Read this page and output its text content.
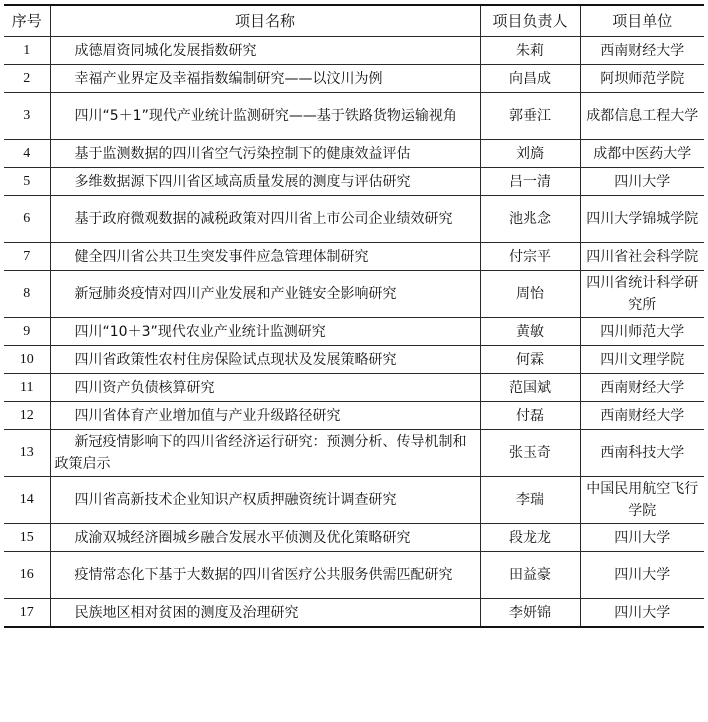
序号	项目名称	项目负责人	项目单位
1	成德眉资同城化发展指数研究	朱莉	西南财经大学
2	幸福产业界定及幸福指数编制研究——以汶川为例	向昌成	阿坝师范学院
3	四川“5＋1”现代产业统计监测研究——基于铁路货物运输视角	郭垂江	成都信息工程大学
4	基于监测数据的四川省空气污染控制下的健康效益评估	刘旖	成都中医药大学
5	多维数据源下四川省区域高质量发展的测度与评估研究	吕一清	四川大学
6	基于政府微观数据的减税政策对四川省上市公司企业绩效研究	池兆念	四川大学锦城学院
7	健全四川省公共卫生突发事件应急管理体制研究	付宗平	四川省社会科学院
8	新冠肺炎疫情对四川产业发展和产业链安全影响研究	周怡	四川省统计科学研究所
9	四川“10＋3”现代农业产业统计监测研究	黄敏	四川师范大学
10	四川省政策性农村住房保险试点现状及发展策略研究	何霖	四川文理学院
11	四川资产负债核算研究	范国斌	西南财经大学
12	四川省体育产业增加值与产业升级路径研究	付磊	西南财经大学
13	新冠疫情影响下的四川省经济运行研究：预测分析、传导机制和政策启示	张玉奇	西南科技大学
14	四川省高新技术企业知识产权质押融资统计调查研究	李瑞	中国民用航空飞行学院
15	成渝双城经济圈城乡融合发展水平侦测及优化策略研究	段龙龙	四川大学
16	疫情常态化下基于大数据的四川省医疗公共服务供需匹配研究	田益豪	四川大学
17	民族地区相对贫困的测度及治理研究	李妍锦	四川大学
